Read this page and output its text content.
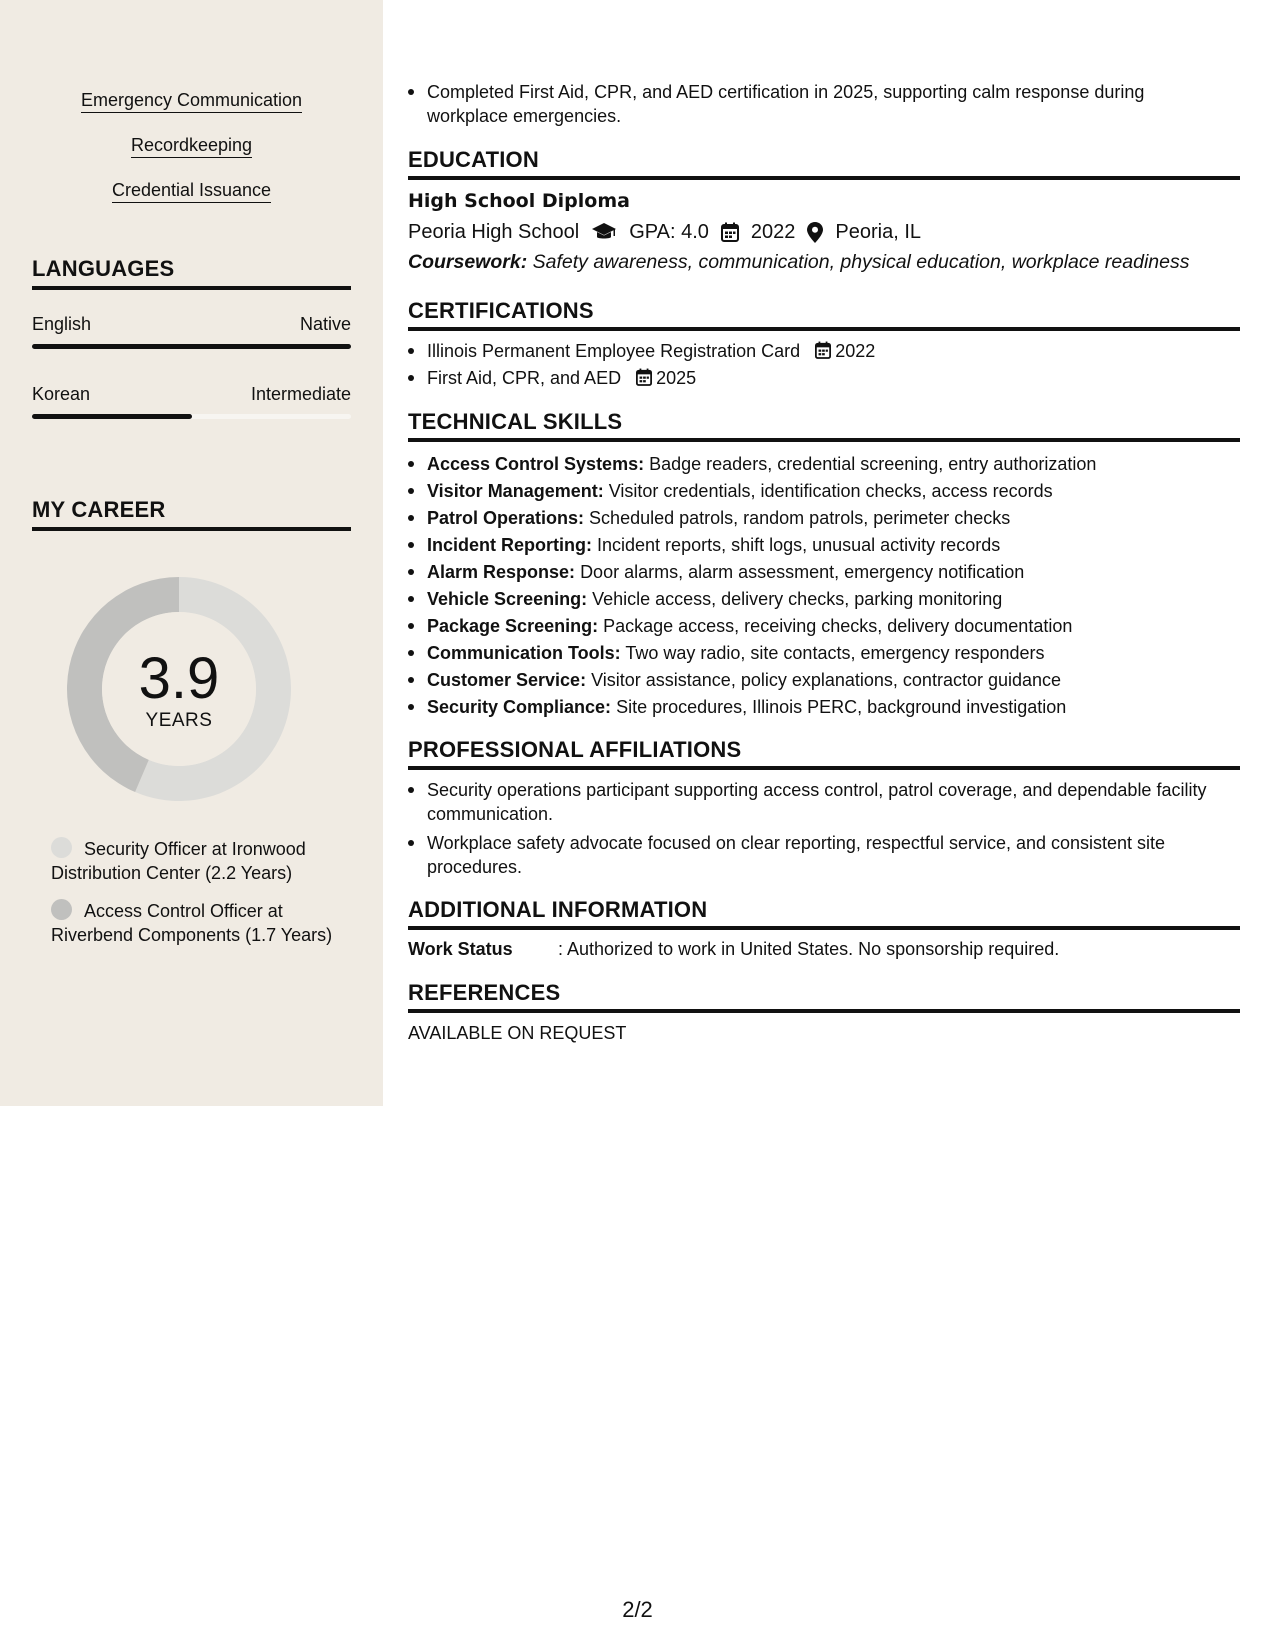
Emergency Communication
Recordkeeping
Credential Issuance
LANGUAGES
English	Native
Korean	Intermediate
MY CAREER
3.9
YEARS
Security Officer at Ironwood Distribution Center (2.2 Years)
Access Control Officer at Riverbend Components (1.7 Years)
Completed First Aid, CPR, and AED certification in 2025, supporting calm response during workplace emergencies.
EDUCATION
High School Diploma
Peoria High School	GPA: 4.0 2022 Peoria, IL
Coursework: Safety awareness, communication, physical education, workplace readiness
CERTIFICATIONS
Illinois Permanent Employee Registration Card 2022
First Aid, CPR, and AED 2025
TECHNICAL SKILLS
Access Control Systems: Badge readers, credential screening, entry authorization
Visitor Management: Visitor credentials, identification checks, access records
Patrol Operations: Scheduled patrols, random patrols, perimeter checks
Incident Reporting: Incident reports, shift logs, unusual activity records
Alarm Response: Door alarms, alarm assessment, emergency notification
Vehicle Screening: Vehicle access, delivery checks, parking monitoring
Package Screening: Package access, receiving checks, delivery documentation
Communication Tools: Two way radio, site contacts, emergency responders
Customer Service: Visitor assistance, policy explanations, contractor guidance
Security Compliance: Site procedures, Illinois PERC, background investigation
PROFESSIONAL AFFILIATIONS
Security operations participant supporting access control, patrol coverage, and dependable facility communication.
Workplace safety advocate focused on clear reporting, respectful service, and consistent site procedures.
ADDITIONAL INFORMATION
Work Status	: Authorized to work in United States. No sponsorship required.
REFERENCES
AVAILABLE ON REQUEST
2/2
